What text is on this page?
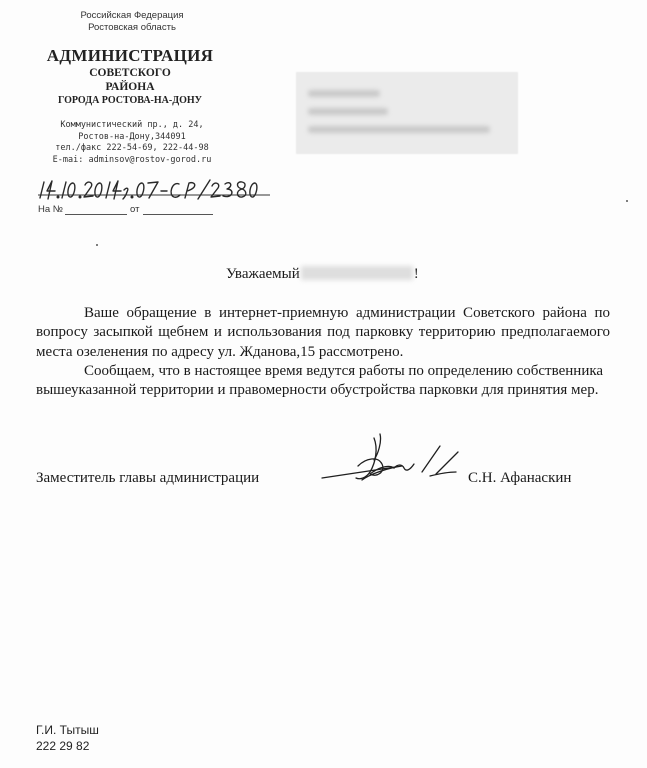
Российская Федерация
Ростовская область
АДМИНИСТРАЦИЯ
СОВЕТСКОГО
РАЙОНА
ГОРОДА РОСТОВА-НА-ДОНУ
Коммунистический пр., д. 24,
Ростов-на-Дону,344091
тел./факс 222-54-69, 222-44-98
E-mai: adminsov@rostov-gorod.ru
На №	от
Уважаемый	!

Ваше обращение в интернет-приемную администрации Советского района по вопросу засыпкой щебнем и использования под парковку территорию предполагаемого места озеленения по адресу ул. Жданова,15 рассмотрено.

Сообщаем, что в настоящее время ведутся работы по определению собственника вышеуказанной территории и правомерности обустройства парковки для принятия мер.

Заместитель главы администрации	С.Н. Афанаскин
Г.И. Тытыш
222 29 82
